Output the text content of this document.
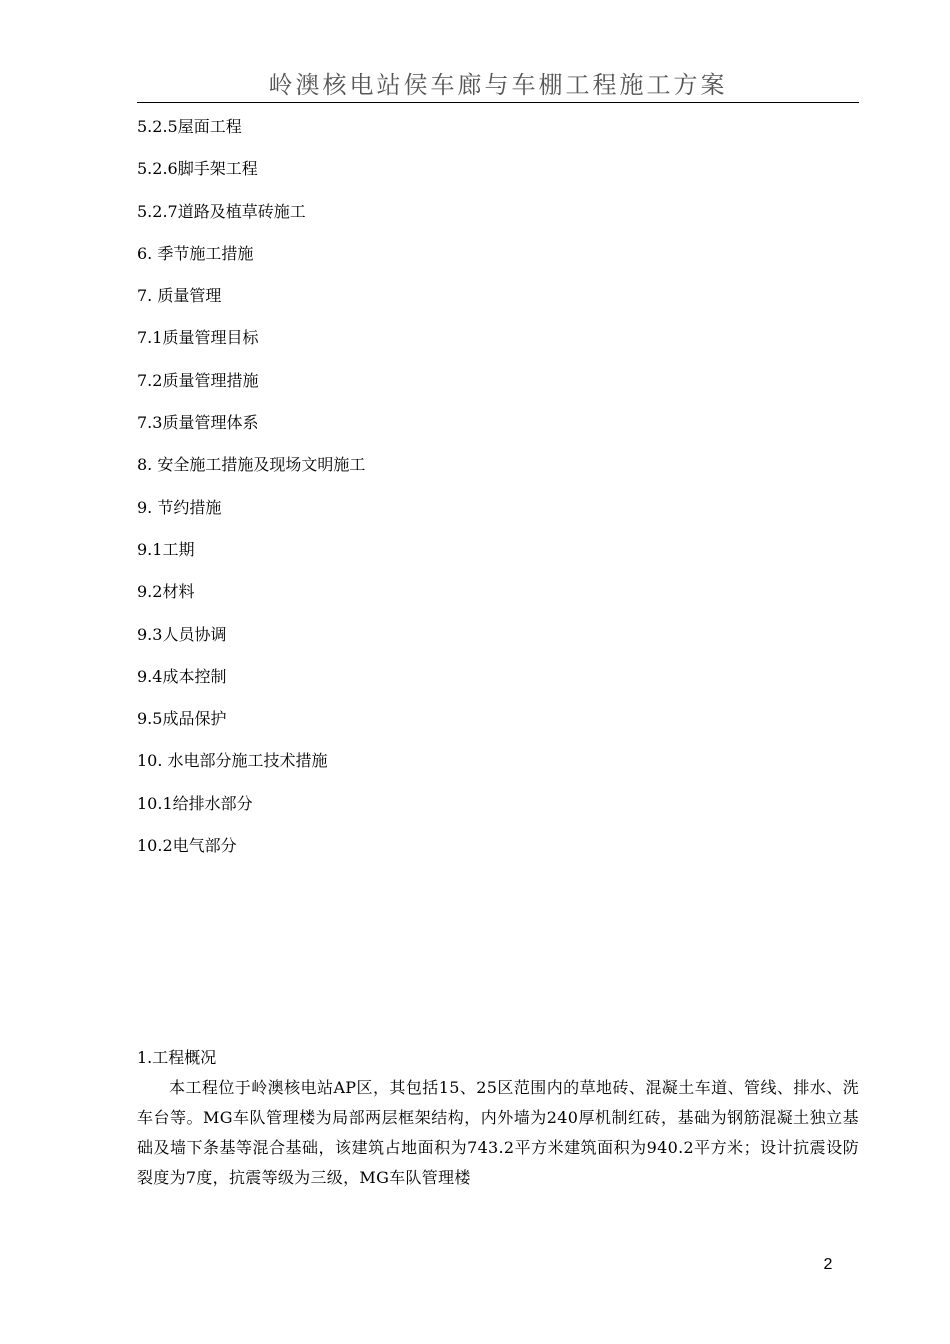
岭澳核电站侯车廊与车棚工程施工方案
5.2.5屋面工程
5.2.6脚手架工程
5.2.7道路及植草砖施工
6. 季节施工措施
7. 质量管理
7.1质量管理目标
7.2质量管理措施
7.3质量管理体系
8. 安全施工措施及现场文明施工
9. 节约措施
9.1工期
9.2材料
9.3人员协调
9.4成本控制
9.5成品保护
10. 水电部分施工技术措施
10.1给排水部分
10.2电气部分
1.工程概况

本工程位于岭澳核电站AP区，其包括15、25区范围内的草地砖、混凝土车道、管线、排水、洗车台等。MG车队管理楼为局部两层框架结构，内外墙为240厚机制红砖，基础为钢筋混凝土独立基础及墙下条基等混合基础，该建筑占地面积为743.2平方米建筑面积为940.2平方米；设计抗震设防裂度为7度，抗震等级为三级，MG车队管理楼

2
